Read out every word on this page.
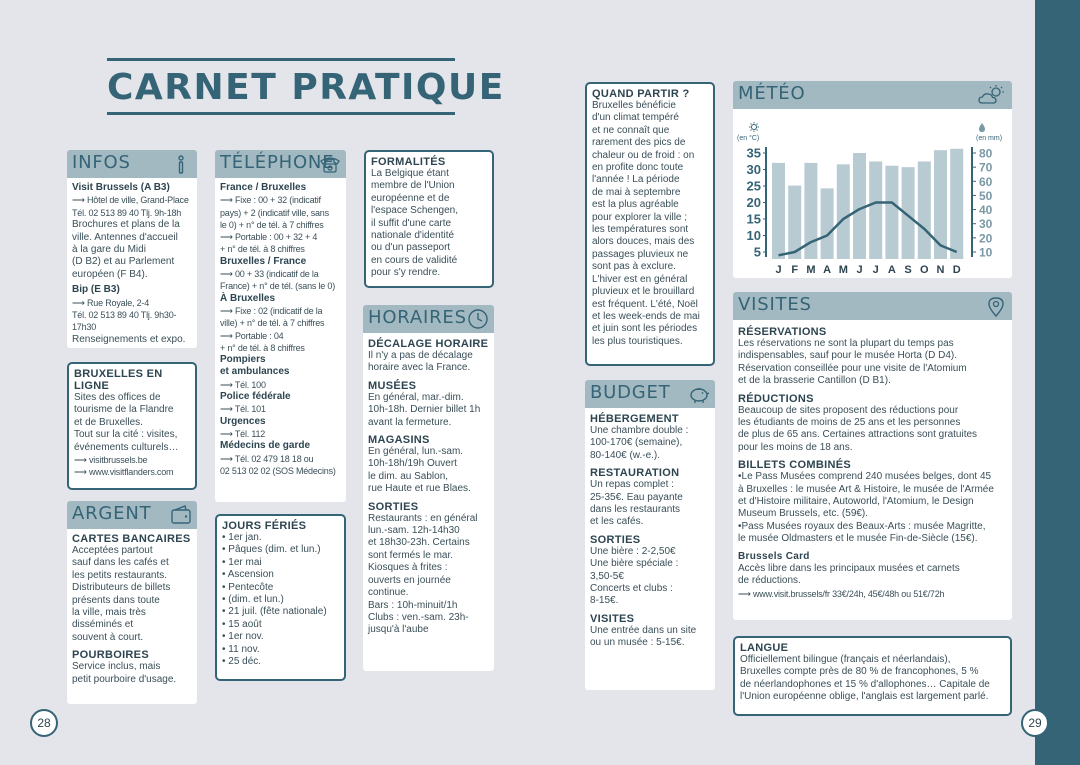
CARNET PRATIQUE
INFOS
Visit Brussels (A B3)
⟶ Hôtel de ville, Grand-Place
Tél. 02 513 89 40 Tlj. 9h-18h
Brochures et plans de la
ville. Antennes d'accueil
à la gare du Midi
(D B2) et au Parlement
européen (F B4).
Bip (E B3)
⟶ Rue Royale, 2-4
Tél. 02 513 89 40 Tlj. 9h30-17h30
Renseignements et expo.
BRUXELLES EN LIGNE
Sites des offices de
tourisme de la Flandre
et de Bruxelles.
Tout sur la cité : visites,
événements culturels…
⟶ visitbrussels.be
⟶ www.visitflanders.com
ARGENT
CARTES BANCAIRES
Acceptées partout
sauf dans les cafés et
les petits restaurants.
Distributeurs de billets
présents dans toute
la ville, mais très
disséminés et
souvent à court.
POURBOIRES
Service inclus, mais
petit pourboire d'usage.
TÉLÉPHONE
France / Bruxelles
⟶ Fixe : 00 + 32 (indicatif
pays) + 2 (indicatif ville, sans
le 0) + n° de tél. à 7 chiffres
⟶ Portable : 00 + 32 + 4
+ n° de tél. à 8 chiffres
Bruxelles / France
⟶ 00 + 33 (indicatif de la
France) + n° de tél. (sans le 0)
À Bruxelles
⟶ Fixe : 02 (indicatif de la
ville) + n° de tél. à 7 chiffres
⟶ Portable : 04
+ n° de tél. à 8 chiffres
Pompiers
et ambulances
⟶ Tél. 100
Police fédérale
⟶ Tél. 101
Urgences
⟶ Tél. 112
Médecins de garde
⟶ Tél. 02 479 18 18 ou
02 513 02 02 (SOS Médecins)
JOURS FÉRIÉS
• 1er jan.
• Pâques (dim. et lun.)
• 1er mai
• Ascension
• Pentecôte
• (dim. et lun.)
• 21 juil. (fête nationale)
• 15 août
• 1er nov.
• 11 nov.
• 25 déc.
FORMALITÉS
La Belgique étant
membre de l'Union
européenne et de
l'espace Schengen,
il suffit d'une carte
nationale d'identité
ou d'un passeport
en cours de validité
pour s'y rendre.
HORAIRES
DÉCALAGE HORAIRE
Il n'y a pas de décalage
horaire avec la France.
MUSÉES
En général, mar.-dim.
10h-18h. Dernier billet 1h
avant la fermeture.
MAGASINS
En général, lun.-sam.
10h-18h/19h Ouvert
le dim. au Sablon,
rue Haute et rue Blaes.
SORTIES
Restaurants : en général
lun.-sam. 12h-14h30
et 18h30-23h. Certains
sont fermés le mar.
Kiosques à frites :
ouverts en journée
continue.
Bars : 10h-minuit/1h
Clubs : ven.-sam. 23h-
jusqu'à l'aube
QUAND PARTIR ?
Bruxelles bénéficie
d'un climat tempéré
et ne connaît que
rarement des pics de
chaleur ou de froid : on
en profite donc toute
l'année ! La période
de mai à septembre
est la plus agréable
pour explorer la ville ;
les températures sont
alors douces, mais des
passages pluvieux ne
sont pas à exclure.
L'hiver est en général
pluvieux et le brouillard
est fréquent. L'été, Noël
et les week-ends de mai
et juin sont les périodes
les plus touristiques.
BUDGET
HÉBERGEMENT
Une chambre double :
100-170€ (semaine),
80-140€ (w.-e.).
RESTAURATION
Un repas complet :
25-35€. Eau payante
dans les restaurants
et les cafés.
SORTIES
Une bière : 2-2,50€
Une bière spéciale :
3,50-5€
Concerts et clubs :
8-15€.
VISITES
Une entrée dans un site
ou un musée : 5-15€.
MÉTÉO
(en °C)	(en mm)
35
30
25
20
15
10
5
80
70
60
50
40
30
20
10
J F M A M J J A S O N D
VISITES
RÉSERVATIONS
Les réservations ne sont la plupart du temps pas
indispensables, sauf pour le musée Horta (D D4).
Réservation conseillée pour une visite de l'Atomium
et de la brasserie Cantillon (D B1).
RÉDUCTIONS
Beaucoup de sites proposent des réductions pour
les étudiants de moins de 25 ans et les personnes
de plus de 65 ans. Certaines attractions sont gratuites
pour les moins de 18 ans.
BILLETS COMBINÉS
•Le Pass Musées comprend 240 musées belges, dont 45
à Bruxelles : le musée Art & Histoire, le musée de l'Armée
et d'Histoire militaire, Autoworld, l'Atomium, le Design
Museum Brussels, etc. (59€).
•Pass Musées royaux des Beaux-Arts : musée Magritte,
le musée Oldmasters et le musée Fin-de-Siècle (15€).
Brussels Card
Accès libre dans les principaux musées et carnets
de réductions.
⟶ www.visit.brussels/fr 33€/24h, 45€/48h ou 51€/72h
LANGUE
Officiellement bilingue (français et néerlandais),
Bruxelles compte près de 80 % de francophones, 5 %
de néerlandophones et 15 % d'allophones… Capitale de
l'Union européenne oblige, l'anglais est largement parlé.
28	29
